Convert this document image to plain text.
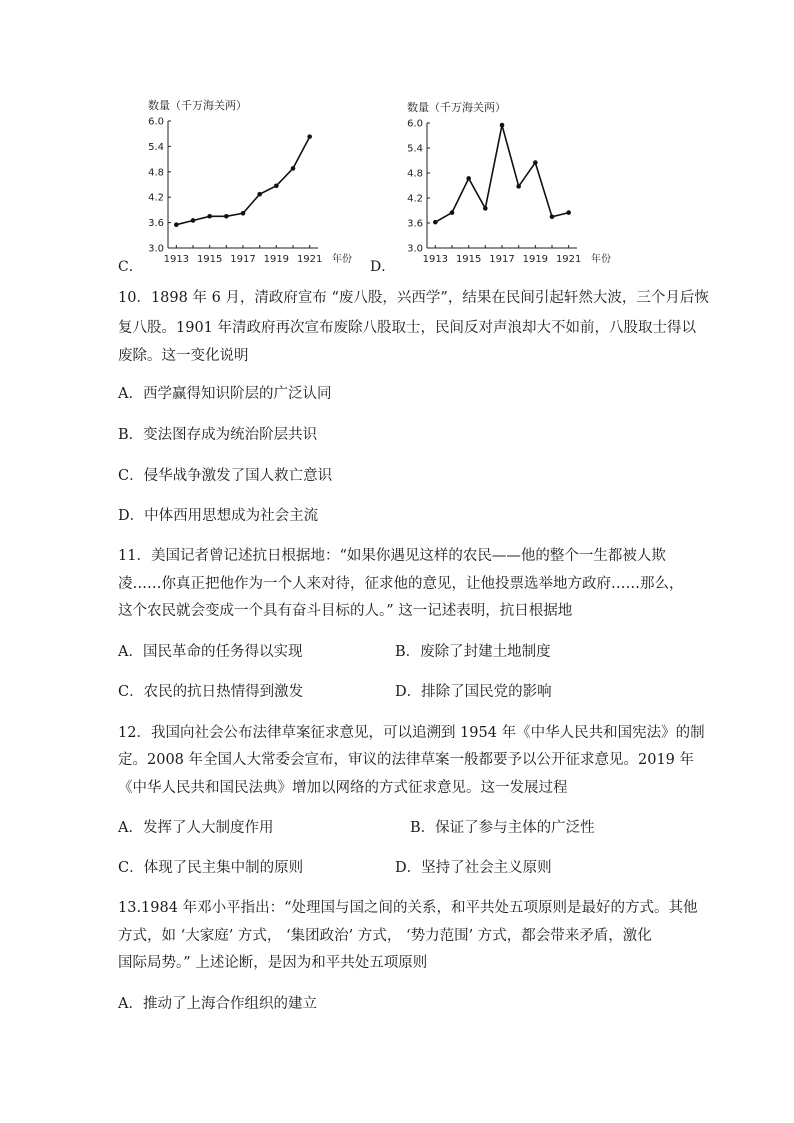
数量（千万海关两）
3.0
3.6
4.2
4.8
5.4
6.0
1913 1915 1917 1919 1921 年份
C．
数量（千万海关两）
3.0
3.6
4.2
4.8
5.4
6.0
1913 1915 1917 1919 1921 年份
D．
10．1898 年 6 月，清政府宣布 “废八股，兴西学”，结果在民间引起轩然大波，三个月后恢
复八股。1901 年清政府再次宣布废除八股取士，民间反对声浪却大不如前，八股取士得以
废除。这一变化说明
A．西学赢得知识阶层的广泛认同
B．变法图存成为统治阶层共识
C．侵华战争激发了国人救亡意识
D．中体西用思想成为社会主流
11．美国记者曾记述抗日根据地：“如果你遇见这样的农民——他的整个一生都被人欺
凌……你真正把他作为一个人来对待，征求他的意见，让他投票选举地方政府……那么，
这个农民就会变成一个具有奋斗目标的人。” 这一记述表明，抗日根据地
A．国民革命的任务得以实现	B．废除了封建土地制度
C．农民的抗日热情得到激发	D．排除了国民党的影响
12．我国向社会公布法律草案征求意见，可以追溯到 1954 年《中华人民共和国宪法》的制
定。2008 年全国人大常委会宣布，审议的法律草案一般都要予以公开征求意见。2019 年
《中华人民共和国民法典》增加以网络的方式征求意见。这一发展过程
A．发挥了人大制度作用	B．保证了参与主体的广泛性
C．体现了民主集中制的原则	D．坚持了社会主义原则
13.1984 年邓小平指出：“处理国与国之间的关系，和平共处五项原则是最好的方式。其他
方式，如 ‘大家庭’ 方式， ‘集团政治’ 方式， ‘势力范围’ 方式，都会带来矛盾，激化
国际局势。” 上述论断，是因为和平共处五项原则
A．推动了上海合作组织的建立
